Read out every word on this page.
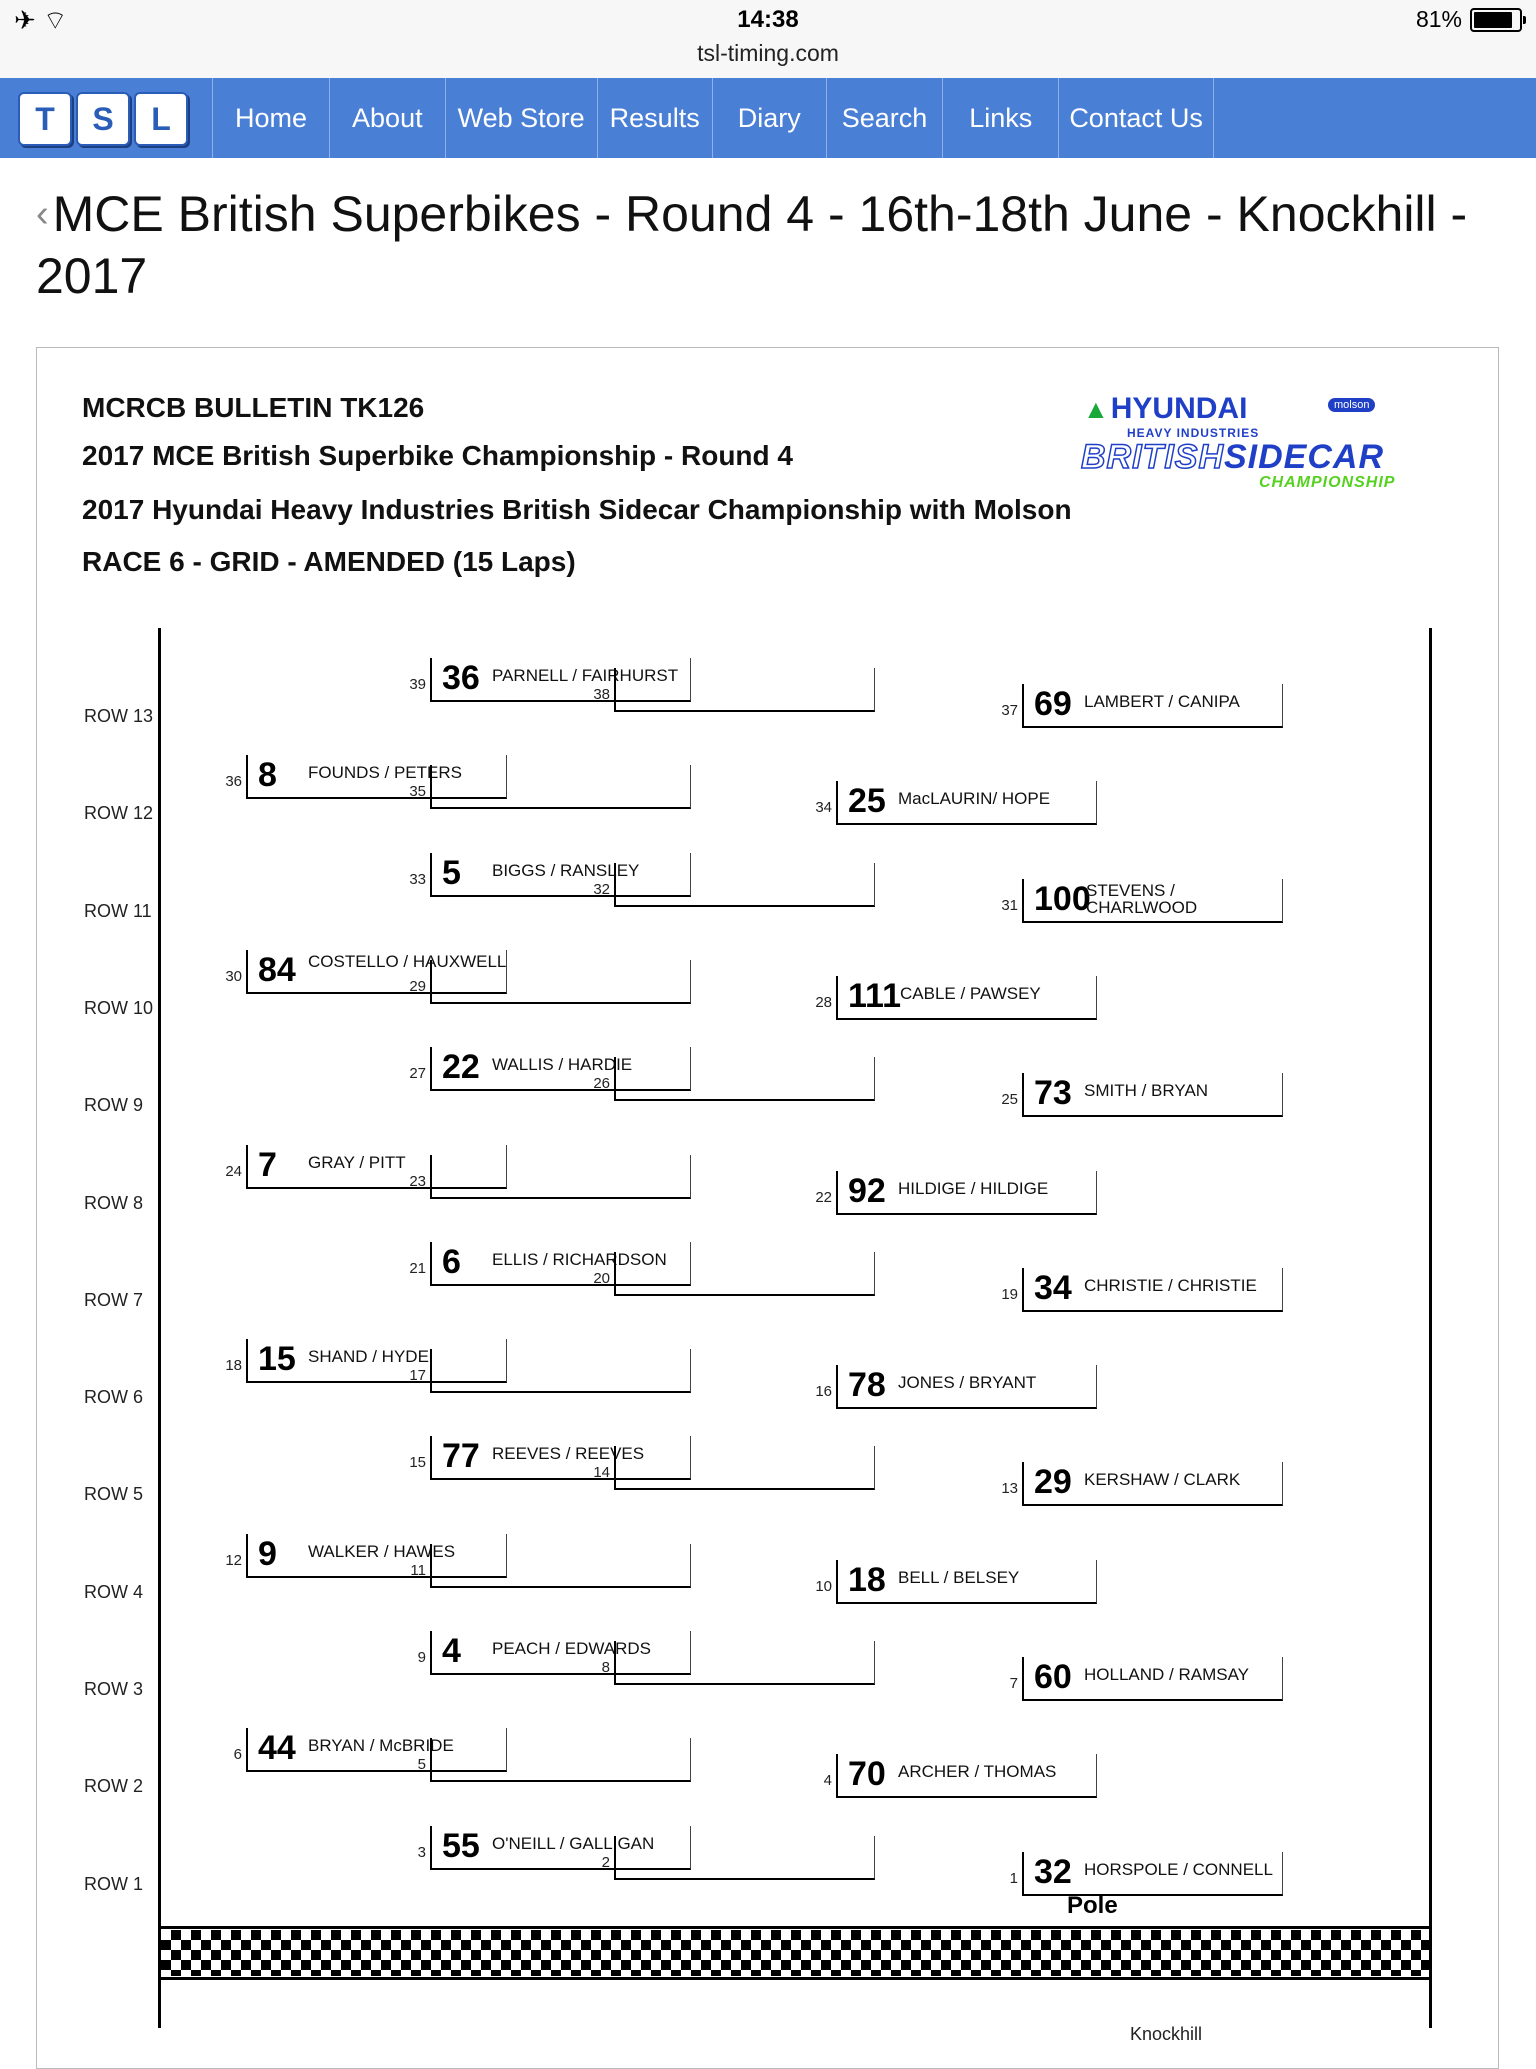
✈ ⌔	14:38
tsl-timing.com
81%
T	S	L	Home	About	Web Store Results	Diary	Search	Links	Contact Us
‹MCE British Superbikes - Round 4 - 16th-18th June - Knockhill - 2017
MCRCB BULLETIN TK126
2017 MCE British Superbike Championship - Round 4
2017 Hyundai Heavy Industries British Sidecar Championship with Molson
RACE 6 - GRID - AMENDED (15 Laps)
▲HYUNDAI	molson
HEAVY INDUSTRIES
BRITISHSIDECAR
CHAMPIONSHIP
ROW 13
39 36 PARNELL / FAIRHURST
38
37 69 LAMBERT / CANIPA
ROW 12
36 8 FOUNDS / PETERS
35
34 25 MacLAURIN/ HOPE
ROW 11
33 5 BIGGS / RANSLEY
32
31 100
STEVENS / CHARLWOOD
ROW 10
30 84 COSTELLO / HAUXWELL
29
28 111 CABLE / PAWSEY
ROW 9
27 22 WALLIS / HARDIE
26
25 73 SMITH / BRYAN
ROW 8
24 7 GRAY / PITT
23
22 92 HILDIGE / HILDIGE
ROW 7
21 6 ELLIS / RICHARDSON
20
19 34 CHRISTIE / CHRISTIE
ROW 6
18 15 SHAND / HYDE
17
16 78 JONES / BRYANT
ROW 5
15 77 REEVES / REEVES
14
13 29 KERSHAW / CLARK
ROW 4
12 9 WALKER / HAWES
11
10 18 BELL / BELSEY
ROW 3
9 4 PEACH / EDWARDS
8
7 60 HOLLAND / RAMSAY
ROW 2
6 44 BRYAN / McBRIDE
5
4 70 ARCHER / THOMAS
ROW 1
3 55 O'NEILL / GALLIGAN
2
1 32 HORSPOLE / CONNELL
Pole
Knockhill
